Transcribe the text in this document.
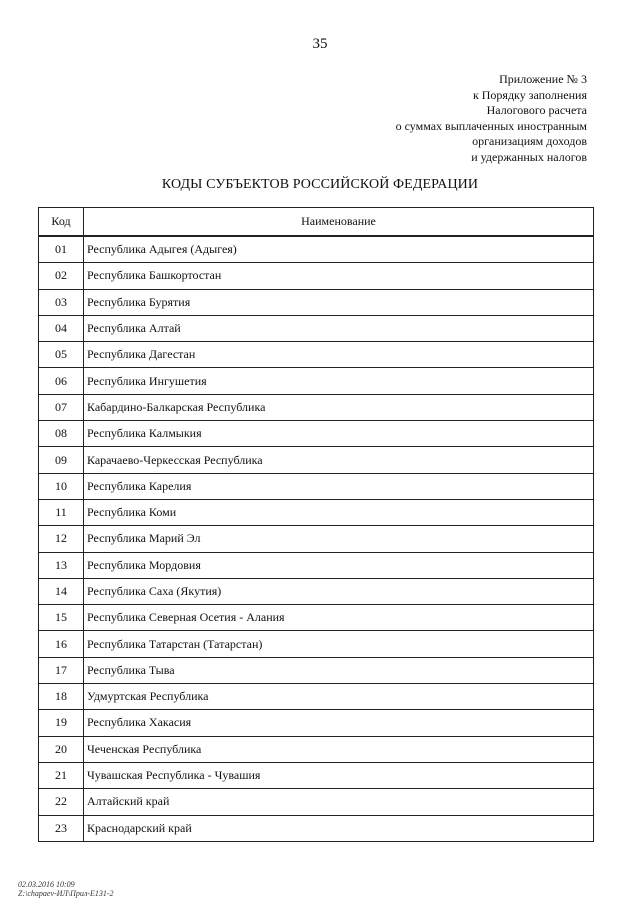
35
Приложение № 3
к Порядку заполнения
Налогового расчета
о суммах выплаченных иностранным
организациям доходов
и удержанных налогов
КОДЫ СУБЪЕКТОВ РОССИЙСКОЙ ФЕДЕРАЦИИ
Код	Наименование
01	Республика Адыгея (Адыгея)
02	Республика Башкортостан
03	Республика Бурятия
04	Республика Алтай
05	Республика Дагестан
06	Республика Ингушетия
07	Кабардино-Балкарская Республика
08	Республика Калмыкия
09	Карачаево-Черкесская Республика
10	Республика Карелия
11	Республика Коми
12	Республика Марий Эл
13	Республика Мордовия
14	Республика Саха (Якутия)
15	Республика Северная Осетия - Алания
16	Республика Татарстан (Татарстан)
17	Республика Тыва
18	Удмуртская Республика
19	Республика Хакасия
20	Чеченская Республика
21	Чувашская Республика - Чувашия
22	Алтайский край
23	Краснодарский край
02.03.2016 10:09
Z:\chapaev-ИЛ\Прил-Е131-2
